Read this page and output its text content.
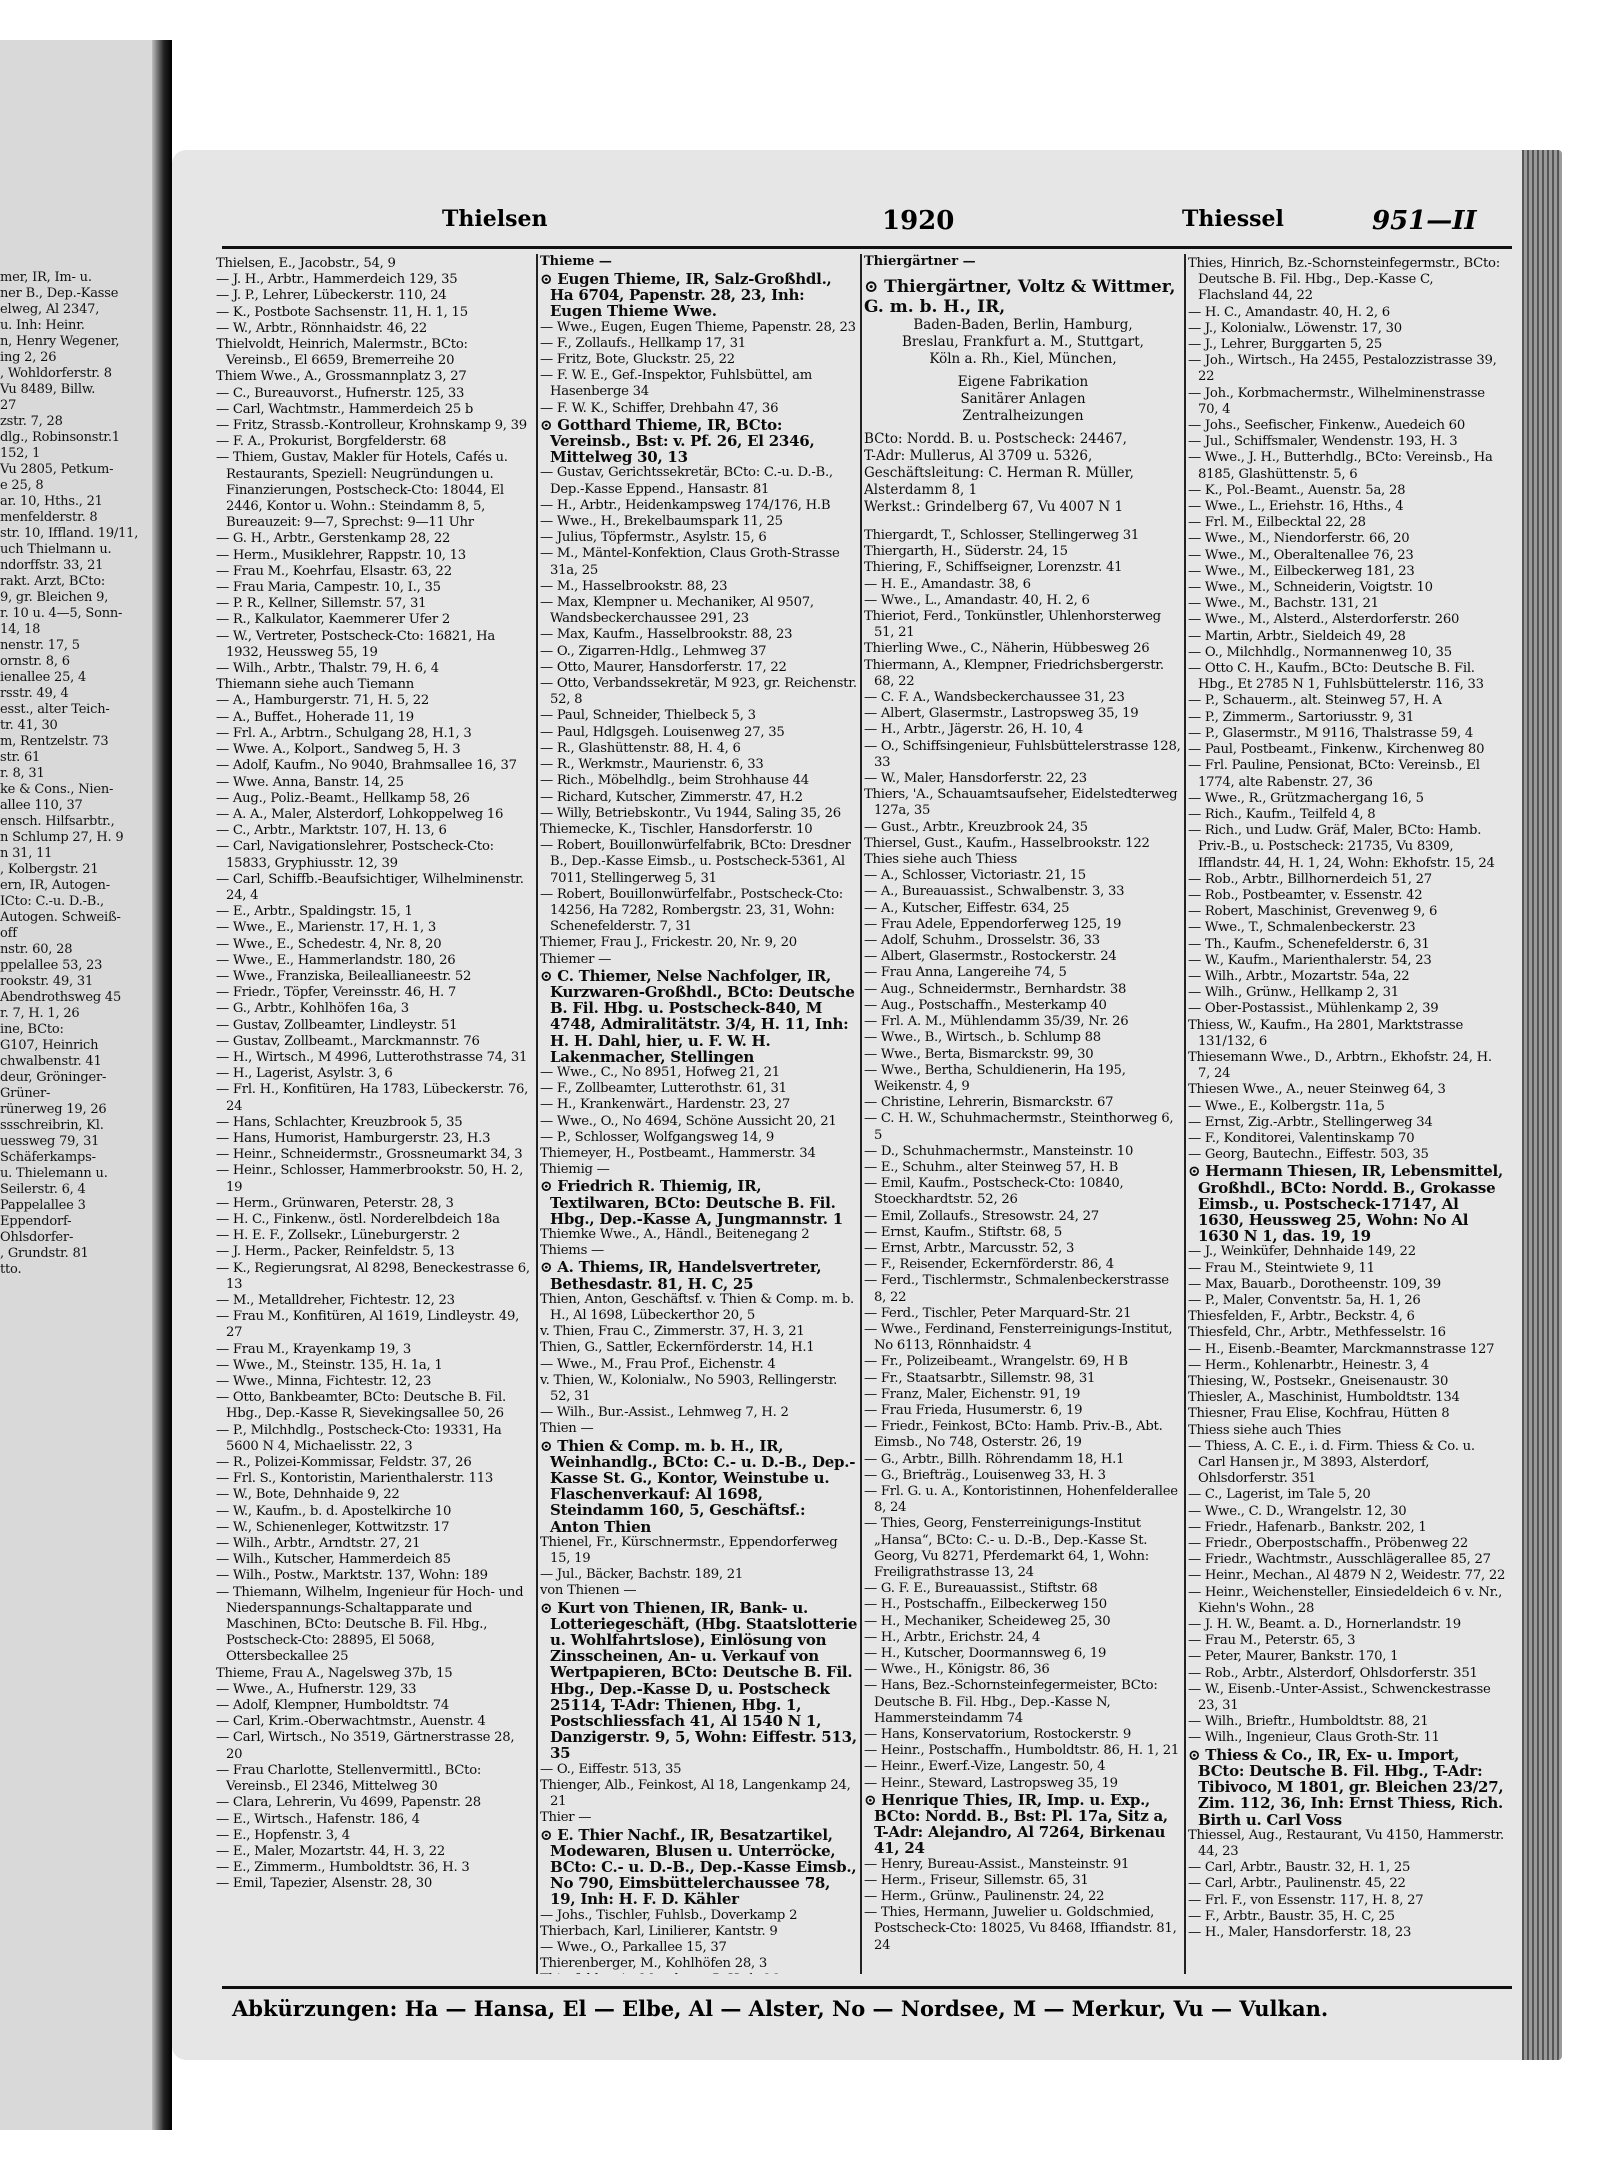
mer, IR, Im- u.
ner B., Dep.-Kasse
elweg, Al 2347,
u. Inh: Heinr.
n, Henry Wegener,
ing 2, 26
, Wohldorferstr. 8
Vu 8489, Billw.
27
zstr. 7, 28
dlg., Robinsonstr.1
152, 1
Vu 2805, Petkum-
e 25, 8
ar. 10, Hths., 21
menfelderstr. 8
str. 10, Iffland. 19/11,
uch Thielmann u.
ndorffstr. 33, 21
rakt. Arzt, BCto:
9, gr. Bleichen 9,
r. 10 u. 4—5, Sonn-
14, 18
nenstr. 17, 5
ornstr. 8, 6
ienallee 25, 4
rsstr. 49, 4
esst., alter Teich-
tr. 41, 30
m, Rentzelstr. 73
str. 61
r. 8, 31
ke & Cons., Nien-
allee 110, 37
ensch. Hilfsarbtr.,
n Schlump 27, H. 9
n 31, 11
, Kolbergstr. 21
ern, IR, Autogen-
ICto: C.-u. D.-B.,
Autogen. Schweiß-
off
nstr. 60, 28
ppelallee 53, 23
rookstr. 49, 31
Abendrothsweg 45
r. 7, H. 1, 26
ine, BCto:
G107, Heinrich
chwalbenstr. 41
deur, Gröninger-
Grüner-
rünerweg 19, 26
ssschreibrin, Kl.
uessweg 79, 31
Schäferkamps-
u. Thielemann u.
Seilerstr. 6, 4
Pappelallee 3
Eppendorf-
Ohlsdorfer-
, Grundstr. 81
tto.
Thielsen	1920	Thiessel	951—II

Thielsen, E., Jacobstr., 54, 9

— J. H., Arbtr., Hammerdeich 129, 35

— J. P., Lehrer, Lübeckerstr. 110, 24

— K., Postbote Sachsenstr. 11, H. 1, 15

— W., Arbtr., Rönnhaidstr. 46, 22

Thielvoldt, Heinrich, Malermstr., BCto: Vereinsb., El 6659, Bremerreihe 20

Thiem Wwe., A., Grossmannplatz 3, 27

— C., Bureauvorst., Hufnerstr. 125, 33

— Carl, Wachtmstr., Hammerdeich 25 b

— Fritz, Strassb.-Kontrolleur, Krohnskamp 9, 39

— F. A., Prokurist, Borgfelderstr. 68

— Thiem, Gustav, Makler für Hotels, Cafés u. Restaurants, Speziell: Neugründungen u. Finanzierungen, Postscheck-Cto: 18044, El 2446, Kontor u. Wohn.: Steindamm 8, 5, Bureauzeit: 9—7, Sprechst: 9—11 Uhr

— G. H., Arbtr., Gerstenkamp 28, 22

— Herm., Musiklehrer, Rappstr. 10, 13

— Frau M., Koehrfau, Elsastr. 63, 22

— Frau Maria, Campestr. 10, I., 35

— P. R., Kellner, Sillemstr. 57, 31

— R., Kalkulator, Kaemmerer Ufer 2

— W., Vertreter, Postscheck-Cto: 16821, Ha 1932, Heussweg 55, 19

— Wilh., Arbtr., Thalstr. 79, H. 6, 4

Thiemann siehe auch Tiemann

— A., Hamburgerstr. 71, H. 5, 22

— A., Buffet., Hoherade 11, 19

— Frl. A., Arbtrn., Schulgang 28, H.1, 3

— Wwe. A., Kolport., Sandweg 5, H. 3

— Adolf, Kaufm., No 9040, Brahmsallee 16, 37

— Wwe. Anna, Banstr. 14, 25

— Aug., Poliz.-Beamt., Hellkamp 58, 26

— A. A., Maler, Alsterdorf, Lohkoppelweg 16

— C., Arbtr., Marktstr. 107, H. 13, 6

— Carl, Navigationslehrer, Postscheck-Cto: 15833, Gryphiusstr. 12, 39

— Carl, Schiffb.-Beaufsichtiger, Wilhelminenstr. 24, 4

— E., Arbtr., Spaldingstr. 15, 1

— Wwe., E., Marienstr. 17, H. 1, 3

— Wwe., E., Schedestr. 4, Nr. 8, 20

— Wwe., E., Hammerlandstr. 180, 26

— Wwe., Franziska, Beileallianeestr. 52

— Friedr., Töpfer, Vereinsstr. 46, H. 7

— G., Arbtr., Kohlhöfen 16a, 3

— Gustav, Zollbeamter, Lindleystr. 51

— Gustav, Zollbeamt., Marckmannstr. 76

— H., Wirtsch., M 4996, Lutterothstrasse 74, 31

— H., Lagerist, Asylstr. 3, 6

— Frl. H., Konfitüren, Ha 1783, Lübeckerstr. 76, 24

— Hans, Schlachter, Kreuzbrook 5, 35

— Hans, Humorist, Hamburgerstr. 23, H.3

— Heinr., Schneidermstr., Grossneumarkt 34, 3

— Heinr., Schlosser, Hammerbrookstr. 50, H. 2, 19

— Herm., Grünwaren, Peterstr. 28, 3

— H. C., Finkenw., östl. Norderelbdeich 18a

— H. E. F., Zollsekr., Lüneburgerstr. 2

— J. Herm., Packer, Reinfeldstr. 5, 13

— K., Regierungsrat, Al 8298, Beneckestrasse 6, 13

— M., Metalldreher, Fichtestr. 12, 23

— Frau M., Konfitüren, Al 1619, Lindleystr. 49, 27

— Frau M., Krayenkamp 19, 3

— Wwe., M., Steinstr. 135, H. 1a, 1

— Wwe., Minna, Fichtestr. 12, 23

— Otto, Bankbeamter, BCto: Deutsche B. Fil. Hbg., Dep.-Kasse R, Sievekingsallee 50, 26

— P., Milchhdlg., Postscheck-Cto: 19331, Ha 5600 N 4, Michaelisstr. 22, 3

— R., Polizei-Kommissar, Feldstr. 37, 26

— Frl. S., Kontoristin, Marienthalerstr. 113

— W., Bote, Dehnhaide 9, 22

— W., Kaufm., b. d. Apostelkirche 10

— W., Schienenleger, Kottwitzstr. 17

— Wilh., Arbtr., Arndtstr. 27, 21

— Wilh., Kutscher, Hammerdeich 85

— Wilh., Postw., Marktstr. 137, Wohn: 189

— Thiemann, Wilhelm, Ingenieur für Hoch- und Niederspannungs-Schaltapparate und Maschinen, BCto: Deutsche B. Fil. Hbg., Postscheck-Cto: 28895, El 5068, Ottersbeckallee 25

Thieme, Frau A., Nagelsweg 37b, 15

— Wwe., A., Hufnerstr. 129, 33

— Adolf, Klempner, Humboldtstr. 74

— Carl, Krim.-Oberwachtmstr., Auenstr. 4

— Carl, Wirtsch., No 3519, Gärtnerstrasse 28, 20

— Frau Charlotte, Stellenvermittl., BCto: Vereinsb., El 2346, Mittelweg 30

— Clara, Lehrerin, Vu 4699, Papenstr. 28

— E., Wirtsch., Hafenstr. 186, 4

— E., Hopfenstr. 3, 4

— E., Maler, Mozartstr. 44, H. 3, 22

— E., Zimmerm., Humboldtstr. 36, H. 3

— Emil, Tapezier, Alsenstr. 28, 30

Thieme —

⊙ Eugen Thieme, IR, Salz-Großhdl., Ha 6704, Papenstr. 28, 23, Inh: Eugen Thieme Wwe.

— Wwe., Eugen, Eugen Thieme, Papenstr. 28, 23

— F., Zollaufs., Hellkamp 17, 31

— Fritz, Bote, Gluckstr. 25, 22

— F. W. E., Gef.-Inspektor, Fuhlsbüttel, am Hasenberge 34

— F. W. K., Schiffer, Drehbahn 47, 36

⊙ Gotthard Thieme, IR, BCto: Vereinsb., Bst: v. Pf. 26, El 2346, Mittelweg 30, 13

— Gustav, Gerichtssekretär, BCto: C.-u. D.-B., Dep.-Kasse Eppend., Hansastr. 81

— H., Arbtr., Heidenkampsweg 174/176, H.B

— Wwe., H., Brekelbaumspark 11, 25

— Julius, Töpfermstr., Asylstr. 15, 6

— M., Mäntel-Konfektion, Claus Groth-Strasse 31a, 25

— M., Hasselbrookstr. 88, 23

— Max, Klempner u. Mechaniker, Al 9507, Wandsbeckerchaussee 291, 23

— Max, Kaufm., Hasselbrookstr. 88, 23

— O., Zigarren-Hdlg., Lehmweg 37

— Otto, Maurer, Hansdorferstr. 17, 22

— Otto, Verbandssekretär, M 923, gr. Reichenstr. 52, 8

— Paul, Schneider, Thielbeck 5, 3

— Paul, Hdlgsgeh. Louisenweg 27, 35

— R., Glashüttenstr. 88, H. 4, 6

— R., Werkmstr., Maurienstr. 6, 33

— Rich., Möbelhdlg., beim Strohhause 44

— Richard, Kutscher, Zimmerstr. 47, H.2

— Willy, Betriebskontr., Vu 1944, Saling 35, 26

Thiemecke, K., Tischler, Hansdorferstr. 10

— Robert, Bouillonwürfelfabrik, BCto: Dresdner B., Dep.-Kasse Eimsb., u. Postscheck-5361, Al 7011, Stellingerweg 5, 31

— Robert, Bouillonwürfelfabr., Postscheck-Cto: 14256, Ha 7282, Rombergstr. 23, 31, Wohn: Schenefelderstr. 7, 31

Thiemer, Frau J., Frickestr. 20, Nr. 9, 20

Thiemer —

⊙ C. Thiemer, Nelse Nachfolger, IR, Kurzwaren-Großhdl., BCto: Deutsche B. Fil. Hbg. u. Postscheck-840, M 4748, Admiralitätstr. 3/4, H. 11, Inh: H. H. Dahl, hier, u. F. W. H. Lakenmacher, Stellingen

— Wwe., C., No 8951, Hofweg 21, 21

— F., Zollbeamter, Lutterothstr. 61, 31

— H., Krankenwärt., Hardenstr. 23, 27

— Wwe., O., No 4694, Schöne Aussicht 20, 21

— P., Schlosser, Wolfgangsweg 14, 9

Thiemeyer, H., Postbeamt., Hammerstr. 34

Thiemig —

⊙ Friedrich R. Thiemig, IR, Textilwaren, BCto: Deutsche B. Fil. Hbg., Dep.-Kasse A, Jungmannstr. 1

Thiemke Wwe., A., Händl., Beitenegang 2

Thiems —

⊙ A. Thiems, IR, Handelsvertreter, Bethesdastr. 81, H. C, 25

Thien, Anton, Geschäftsf. v. Thien & Comp. m. b. H., Al 1698, Lübeckerthor 20, 5

v. Thien, Frau C., Zimmerstr. 37, H. 3, 21

Thien, G., Sattler, Eckernförderstr. 14, H.1

— Wwe., M., Frau Prof., Eichenstr. 4

v. Thien, W., Kolonialw., No 5903, Rellingerstr. 52, 31

— Wilh., Bur.-Assist., Lehmweg 7, H. 2

Thien —

⊙ Thien & Comp. m. b. H., IR, Weinhandlg., BCto: C.- u. D.-B., Dep.-Kasse St. G., Kontor, Weinstube u. Flaschenverkauf: Al 1698, Steindamm 160, 5, Geschäftsf.: Anton Thien

Thienel, Fr., Kürschnermstr., Eppendorferweg 15, 19

— Jul., Bäcker, Bachstr. 189, 21

von Thienen —

⊙ Kurt von Thienen, IR, Bank- u. Lotteriegeschäft, (Hbg. Staatslotterie u. Wohlfahrtslose), Einlösung von Zinsscheinen, An- u. Verkauf von Wertpapieren, BCto: Deutsche B. Fil. Hbg., Dep.-Kasse D, u. Postscheck 25114, T-Adr: Thienen, Hbg. 1, Postschliessfach 41, Al 1540 N 1, Danzigerstr. 9, 5, Wohn: Eiffestr. 513, 35

— O., Eiffestr. 513, 35

Thienger, Alb., Feinkost, Al 18, Langenkamp 24, 21

Thier —

⊙ E. Thier Nachf., IR, Besatzartikel, Modewaren, Blusen u. Unterröcke, BCto: C.- u. D.-B., Dep.-Kasse Eimsb., No 790, Eimsbüttelerchaussee 78, 19, Inh: H. F. D. Kähler

— Johs., Tischler, Fuhlsb., Doverkamp 2

Thierbach, Karl, Linilierer, Kantstr. 9

— Wwe., O., Parkallee 15, 37

Thierenberger, M., Kohlhöfen 28, 3

Thiergärtner —
⊙ Thiergärtner, Voltz & Wittmer, G. m. b. H., IR,
Baden-Baden, Berlin, Hamburg,
Breslau, Frankfurt a. M., Stuttgart,
Köln a. Rh., Kiel, München,
Eigene Fabrikation
Sanitärer Anlagen
Zentralheizungen
BCto: Nordd. B. u. Postscheck: 24467,
T-Adr: Mullerus, Al 3709 u. 5326,
Geschäftsleitung: C. Herman R. Müller,
Alsterdamm 8, 1
Werkst.: Grindelberg 67, Vu 4007 N 1

Thiergardt, T., Schlosser, Stellingerweg 31

Thiergarth, H., Süderstr. 24, 15

Thiering, F., Schiffseigner, Lorenzstr. 41

— H. E., Amandastr. 38, 6

— Wwe., L., Amandastr. 40, H. 2, 6

Thieriot, Ferd., Tonkünstler, Uhlenhorsterweg 51, 21

Thierling Wwe., C., Näherin, Hübbesweg 26

Thiermann, A., Klempner, Friedrichsbergerstr. 68, 22

— C. F. A., Wandsbeckerchaussee 31, 23

— Albert, Glasermstr., Lastropsweg 35, 19

— H., Arbtr., Jägerstr. 26, H. 10, 4

— O., Schiffsingenieur, Fuhlsbüttelerstrasse 128, 33

— W., Maler, Hansdorferstr. 22, 23

Thiers, 'A., Schauamtsaufseher, Eidelstedterweg 127a, 35

— Gust., Arbtr., Kreuzbrook 24, 35

Thiersel, Gust., Kaufm., Hasselbrookstr. 122

Thies siehe auch Thiess

— A., Schlosser, Victoriastr. 21, 15

— A., Bureauassist., Schwalbenstr. 3, 33

— A., Kutscher, Eiffestr. 634, 25

— Frau Adele, Eppendorferweg 125, 19

— Adolf, Schuhm., Drosselstr. 36, 33

— Albert, Glasermstr., Rostockerstr. 24

— Frau Anna, Langereihe 74, 5

— Aug., Schneidermstr., Bernhardstr. 38

— Aug., Postschaffn., Mesterkamp 40

— Frl. A. M., Mühlendamm 35/39, Nr. 26

— Wwe., B., Wirtsch., b. Schlump 88

— Wwe., Berta, Bismarckstr. 99, 30

— Wwe., Bertha, Schuldienerin, Ha 195, Weikenstr. 4, 9

— Christine, Lehrerin, Bismarckstr. 67

— C. H. W., Schuhmachermstr., Steinthorweg 6, 5

— D., Schuhmachermstr., Mansteinstr. 10

— E., Schuhm., alter Steinweg 57, H. B

— Emil, Kaufm., Postscheck-Cto: 10840, Stoeckhardtstr. 52, 26

— Emil, Zollaufs., Stresowstr. 24, 27

— Ernst, Kaufm., Stiftstr. 68, 5

— Ernst, Arbtr., Marcusstr. 52, 3

— F., Reisender, Eckernförderstr. 86, 4

— Ferd., Tischlermstr., Schmalenbeckerstrasse 8, 22

— Ferd., Tischler, Peter Marquard-Str. 21

— Wwe., Ferdinand, Fensterreinigungs-Institut, No 6113, Rönnhaidstr. 4

— Fr., Polizeibeamt., Wrangelstr. 69, H B

— Fr., Staatsarbtr., Sillemstr. 98, 31

— Franz, Maler, Eichenstr. 91, 19

— Frau Frieda, Husumerstr. 6, 19

— Friedr., Feinkost, BCto: Hamb. Priv.-B., Abt. Eimsb., No 748, Osterstr. 26, 19

— G., Arbtr., Billh. Röhrendamm 18, H.1

— G., Briefträg., Louisenweg 33, H. 3

— Frl. G. u. A., Kontoristinnen, Hohenfelderallee 8, 24

— Thies, Georg, Fensterreinigungs-Institut „Hansa“, BCto: C.- u. D.-B., Dep.-Kasse St. Georg, Vu 8271, Pferdemarkt 64, 1, Wohn: Freiligrathstrasse 13, 24

— G. F. E., Bureauassist., Stiftstr. 68

— H., Postschaffn., Eilbeckerweg 150

— H., Mechaniker, Scheideweg 25, 30

— H., Arbtr., Erichstr. 24, 4

— H., Kutscher, Doormannsweg 6, 19

— Wwe., H., Königstr. 86, 36

— Hans, Bez.-Schornsteinfegermeister, BCto: Deutsche B. Fil. Hbg., Dep.-Kasse N, Hammersteindamm 74

— Hans, Konservatorium, Rostockerstr. 9

— Heinr., Postschaffn., Humboldtstr. 86, H. 1, 21

— Heinr., Ewerf.-Vize, Langestr. 50, 4

— Heinr., Steward, Lastropsweg 35, 19

⊙ Henrique Thies, IR, Imp. u. Exp., BCto: Nordd. B., Bst: Pl. 17a, Sitz a, T-Adr: Alejandro, Al 7264, Birkenau 41, 24

— Henry, Bureau-Assist., Mansteinstr. 91

— Herm., Friseur, Sillemstr. 65, 31

— Herm., Grünw., Paulinenstr. 24, 22

— Thies, Hermann, Juwelier u. Goldschmied, Postscheck-Cto: 18025, Vu 8468, Iffiandstr. 81, 24

Thies, Hinrich, Bz.-Schornsteinfegermstr., BCto: Deutsche B. Fil. Hbg., Dep.-Kasse C, Flachsland 44, 22

— H. C., Amandastr. 40, H. 2, 6

— J., Kolonialw., Löwenstr. 17, 30

— J., Lehrer, Burggarten 5, 25

— Joh., Wirtsch., Ha 2455, Pestalozzistrasse 39, 22

— Joh., Korbmachermstr., Wilhelminenstrasse 70, 4

— Johs., Seefischer, Finkenw., Auedeich 60

— Jul., Schiffsmaler, Wendenstr. 193, H. 3

— Wwe., J. H., Butterhdlg., BCto: Vereinsb., Ha 8185, Glashüttenstr. 5, 6

— K., Pol.-Beamt., Auenstr. 5a, 28

— Wwe., L., Eriehstr. 16, Hths., 4

— Frl. M., Eilbecktal 22, 28

— Wwe., M., Niendorferstr. 66, 20

— Wwe., M., Oberaltenallee 76, 23

— Wwe., M., Eilbeckerweg 181, 23

— Wwe., M., Schneiderin, Voigtstr. 10

— Wwe., M., Bachstr. 131, 21

— Wwe., M., Alsterd., Alsterdorferstr. 260

— Martin, Arbtr., Sieldeich 49, 28

— O., Milchhdlg., Normannenweg 10, 35

— Otto C. H., Kaufm., BCto: Deutsche B. Fil. Hbg., Et 2785 N 1, Fuhlsbüttelerstr. 116, 33

— P., Schauerm., alt. Steinweg 57, H. A

— P., Zimmerm., Sartoriusstr. 9, 31

— P., Glasermstr., M 9116, Thalstrasse 59, 4

— Paul, Postbeamt., Finkenw., Kirchenweg 80

— Frl. Pauline, Pensionat, BCto: Vereinsb., El 1774, alte Rabenstr. 27, 36

— Wwe., R., Grützmachergang 16, 5

— Rich., Kaufm., Teilfeld 4, 8

— Rich., und Ludw. Gräf, Maler, BCto: Hamb. Priv.-B., u. Postscheck: 21735, Vu 8309, Ifflandstr. 44, H. 1, 24, Wohn: Ekhofstr. 15, 24

— Rob., Arbtr., Billhornerdeich 51, 27

— Rob., Postbeamter, v. Essenstr. 42

— Robert, Maschinist, Grevenweg 9, 6

— Wwe., T., Schmalenbeckerstr. 23

— Th., Kaufm., Schenefelderstr. 6, 31

— W., Kaufm., Marienthalerstr. 54, 23

— Wilh., Arbtr., Mozartstr. 54a, 22

— Wilh., Grünw., Hellkamp 2, 31

— Ober-Postassist., Mühlenkamp 2, 39

Thiess, W., Kaufm., Ha 2801, Marktstrasse 131/132, 6

Thiesemann Wwe., D., Arbtrn., Ekhofstr. 24, H. 7, 24

Thiesen Wwe., A., neuer Steinweg 64, 3

— Wwe., E., Kolbergstr. 11a, 5

— Ernst, Zig.-Arbtr., Stellingerweg 34

— F., Konditorei, Valentinskamp 70

— Georg, Bautechn., Eiffestr. 503, 35

⊙ Hermann Thiesen, IR, Lebensmittel, Großhdl., BCto: Nordd. B., Grokasse Eimsb., u. Postscheck-17147, Al 1630, Heussweg 25, Wohn: No Al 1630 N 1, das. 19, 19

— J., Weinküfer, Dehnhaide 149, 22

— Frau M., Steintwiete 9, 11

— Max, Bauarb., Dorotheenstr. 109, 39

— P., Maler, Conventstr. 5a, H. 1, 26

Thiesfelden, F., Arbtr., Beckstr. 4, 6

Thiesfeld, Chr., Arbtr., Methfesselstr. 16

— H., Eisenb.-Beamter, Marckmannstrasse 127

— Herm., Kohlenarbtr., Heinestr. 3, 4

Thiesing, W., Postsekr., Gneisenaustr. 30

Thiesler, A., Maschinist, Humboldtstr. 134

Thiesner, Frau Elise, Kochfrau, Hütten 8

Thiess siehe auch Thies

— Thiess, A. C. E., i. d. Firm. Thiess & Co. u. Carl Hansen jr., M 3893, Alsterdorf, Ohlsdorferstr. 351

— C., Lagerist, im Tale 5, 20

— Wwe., C. D., Wrangelstr. 12, 30

— Friedr., Hafenarb., Bankstr. 202, 1

— Friedr., Oberpostschaffn., Pröbenweg 22

— Friedr., Wachtmstr., Ausschlägerallee 85, 27

— Heinr., Mechan., Al 4879 N 2, Weidestr. 77, 22

— Heinr., Weichensteller, Einsiedeldeich 6 v. Nr., Kiehn's Wohn., 28

— J. H. W., Beamt. a. D., Hornerlandstr. 19

— Frau M., Peterstr. 65, 3

— Peter, Maurer, Bankstr. 170, 1

— Rob., Arbtr., Alsterdorf, Ohlsdorferstr. 351

— W., Eisenb.-Unter-Assist., Schwenckestrasse 23, 31

— Wilh., Brieftr., Humboldtstr. 88, 21

— Wilh., Ingenieur, Claus Groth-Str. 11

⊙ Thiess & Co., IR, Ex- u. Import, BCto: Deutsche B. Fil. Hbg., T-Adr: Tibivoco, M 1801, gr. Bleichen 23/27, Zim. 112, 36, Inh: Ernst Thiess, Rich. Birth u. Carl Voss

Thiessel, Aug., Restaurant, Vu 4150, Hammerstr. 44, 23

— Carl, Arbtr., Baustr. 32, H. 1, 25

— Carl, Arbtr., Paulinenstr. 45, 22

— Frl. F., von Essenstr. 117, H. 8, 27

— F., Arbtr., Baustr. 35, H. C, 25

— H., Maler, Hansdorferstr. 18, 23

Abkürzungen: Ha — Hansa, El — Elbe, Al — Alster, No — Nordsee, M — Merkur, Vu — Vulkan.
